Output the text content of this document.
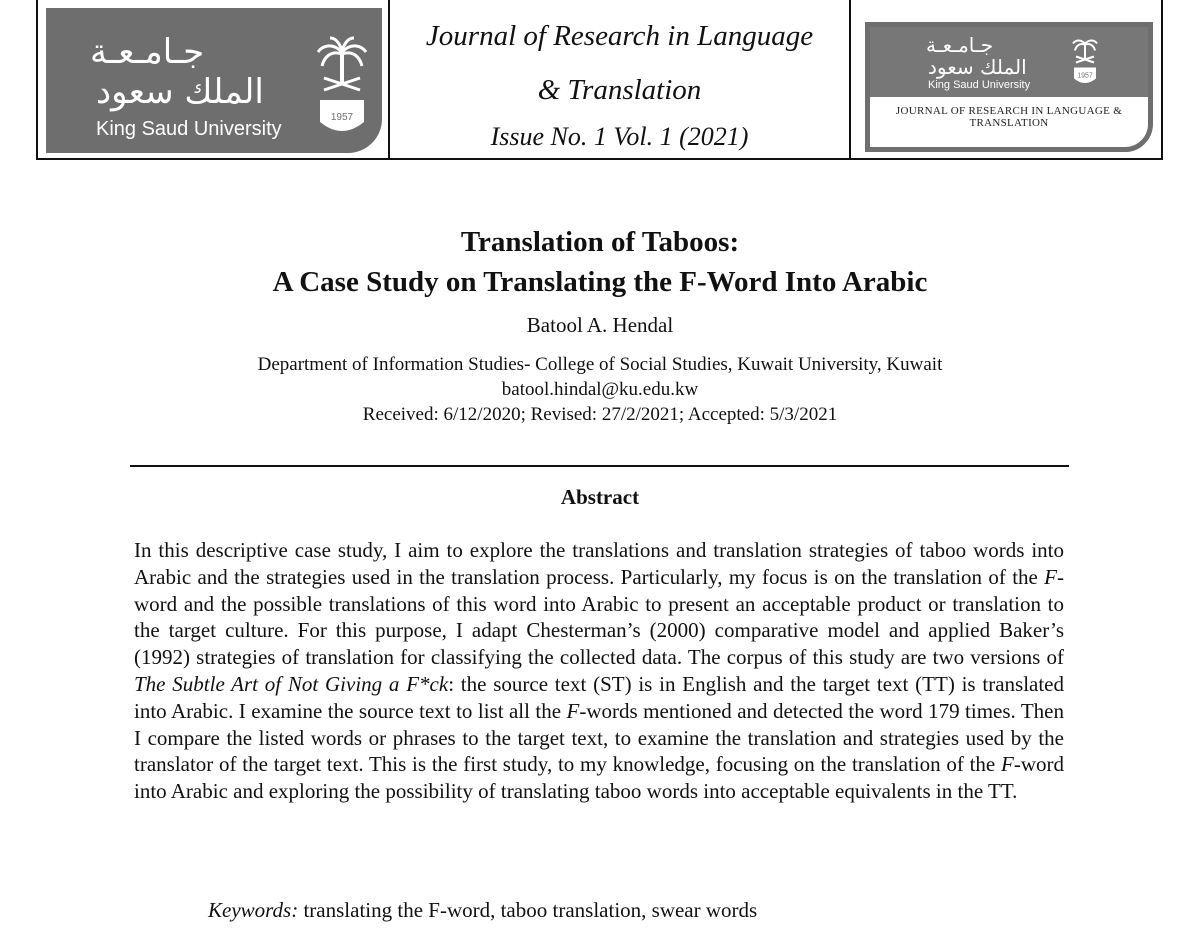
جـامـعـة
الملك سعود
King Saud University
1957
Journal of Research in Language
& Translation
Issue No. 1 Vol. 1 (2021)
جـامـعـة
الملك سعود
King Saud University
1957
JOURNAL OF RESEARCH IN LANGUAGE &
TRANSLATION
Translation of Taboos:
A Case Study on Translating the F-Word Into Arabic
Batool A. Hendal
Department of Information Studies- College of Social Studies, Kuwait University, Kuwait
batool.hindal@ku.edu.kw
Received: 6/12/2020; Revised: 27/2/2021; Accepted: 5/3/2021
Abstract

In this descriptive case study, I aim to explore the translations and translation strategies of taboo words into Arabic and the strategies used in the translation process. Particularly, my focus is on the translation of the F-word and the possible translations of this word into Arabic to present an acceptable product or translation to the target culture. For this purpose, I adapt Chesterman’s (2000) comparative model and applied Baker’s (1992) strategies of translation for classifying the collected data. The corpus of this study are two versions of The Subtle Art of Not Giving a F*ck: the source text (ST) is in English and the target text (TT) is translated into Arabic. I examine the source text to list all the F-words mentioned and detected the word 179 times. Then I compare the listed words or phrases to the target text, to examine the translation and strategies used by the translator of the target text. This is the first study, to my knowledge, focusing on the translation of the F-word into Arabic and exploring the possibility of translating taboo words into acceptable equivalents in the TT.

Keywords: translating the F-word, taboo translation, swear words
